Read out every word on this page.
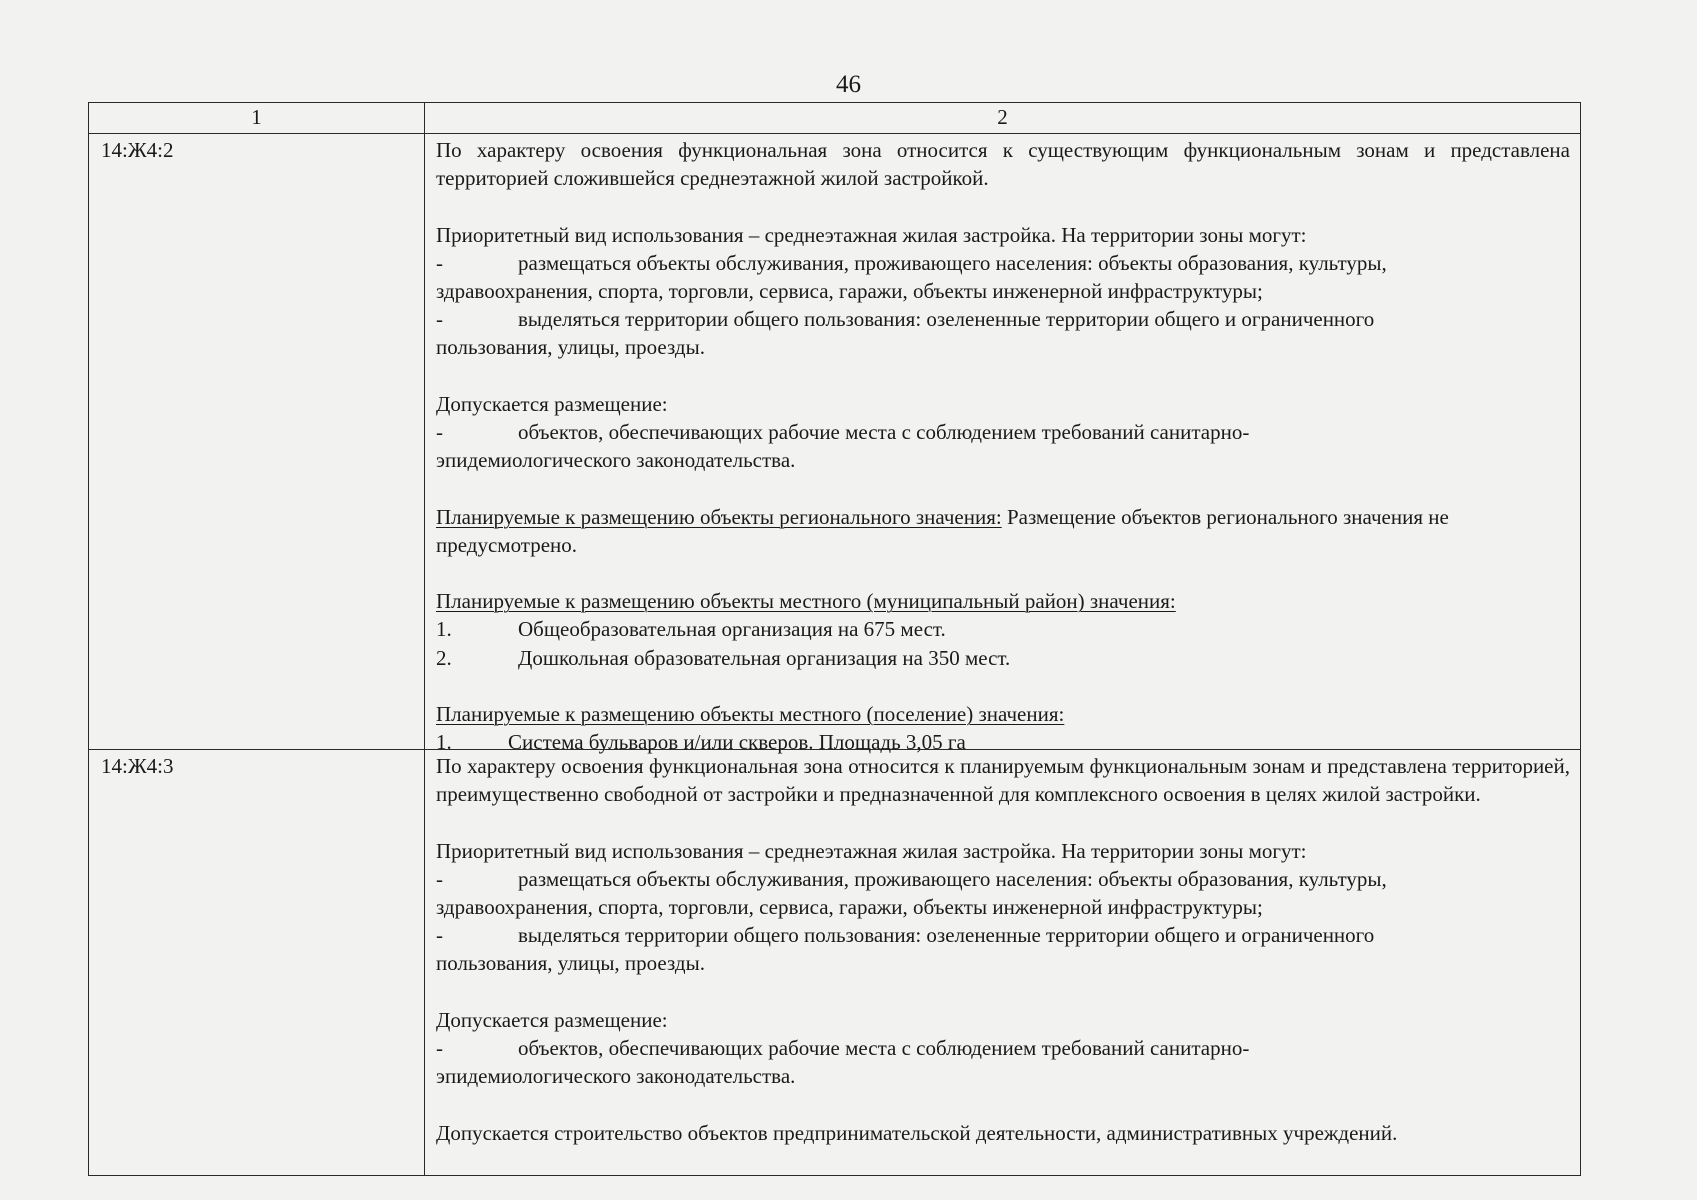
46
1	2
14:Ж4:2	По характеру освоения функциональная зона относится к существующим функциональным зонам и представлена территорией сложившейся среднеэтажной жилой застройкой.

Приоритетный вид использования – среднеэтажная жилая застройка. На территории зоны могут:

-	размещаться объекты обслуживания, проживающего населения: объекты образования, культуры,

здравоохранения, спорта, торговли, сервиса, гаражи, объекты инженерной инфраструктуры;

-	выделяться территории общего пользования: озелененные территории общего и ограниченного

пользования, улицы, проезды.

Допускается размещение:

-	объектов, обеспечивающих рабочие места с соблюдением требований санитарно-

эпидемиологического законодательства.

Планируемые к размещению объекты регионального значения: Размещение объектов регионального значения не предусмотрено.

Планируемые к размещению объекты местного (муниципальный район) значения:

1.	Общеобразовательная организация на 675 мест.
2.	Дошкольная образовательная организация на 350 мест.

Планируемые к размещению объекты местного (поселение) значения:

1.	Система бульваров и/или скверов. Площадь 3,05 га
14:Ж4:3	По характеру освоения функциональная зона относится к планируемым функциональным зонам и представлена территорией, преимущественно свободной от застройки и предназначенной для комплексного освоения в целях жилой застройки.

Приоритетный вид использования – среднеэтажная жилая застройка. На территории зоны могут:

-	размещаться объекты обслуживания, проживающего населения: объекты образования, культуры,

здравоохранения, спорта, торговли, сервиса, гаражи, объекты инженерной инфраструктуры;

-	выделяться территории общего пользования: озелененные территории общего и ограниченного

пользования, улицы, проезды.

Допускается размещение:

-	объектов, обеспечивающих рабочие места с соблюдением требований санитарно-

эпидемиологического законодательства.

Допускается строительство объектов предпринимательской деятельности, административных учреждений.
